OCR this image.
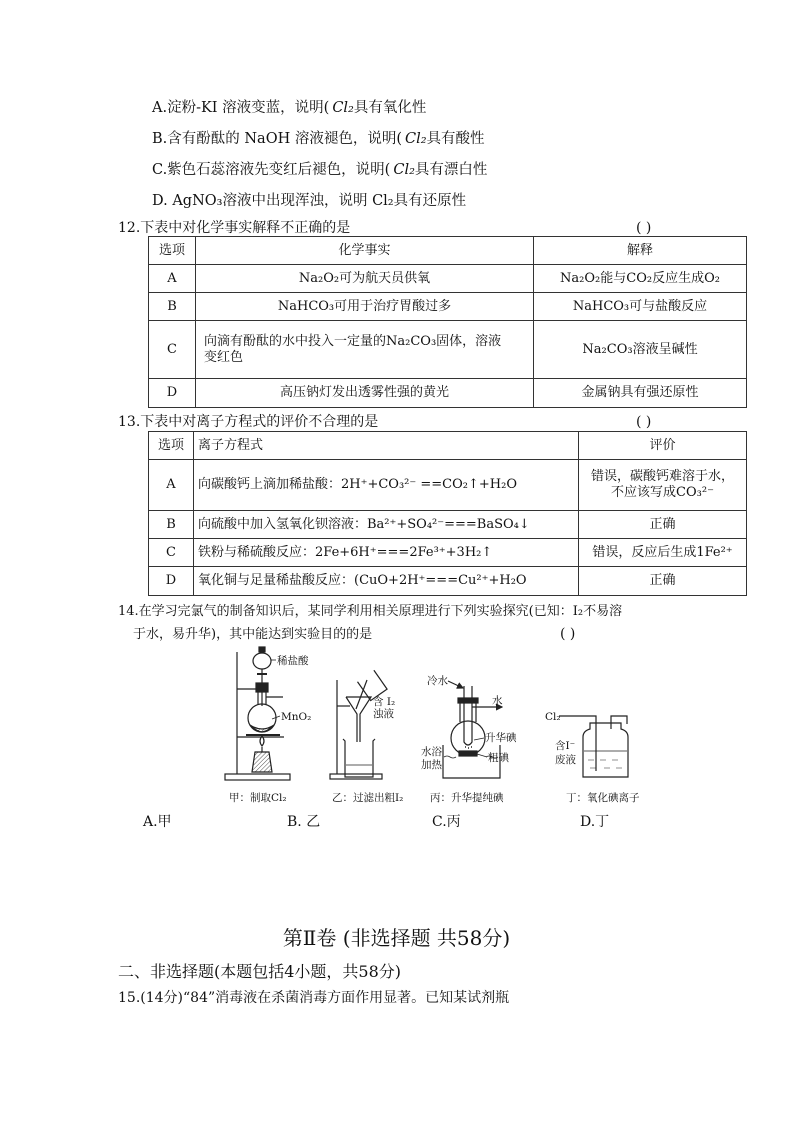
A.淀粉-KI 溶液变蓝，说明( Cl₂具有氧化性
B.含有酚酞的 NaOH 溶液褪色，说明( Cl₂具有酸性
C.紫色石蕊溶液先变红后褪色，说明( Cl₂具有漂白性
D. AgNO₃溶液中出现浑浊，说明 Cl₂具有还原性
12.下表中对化学事实解释不正确的是	( )
选项	化学事实	解释
A	Na₂O₂可为航天员供氧	Na₂O₂能与CO₂反应生成O₂
B	NaHCO₃可用于治疗胃酸过多	NaHCO₃可与盐酸反应
C	向滴有酚酞的水中投入一定量的Na₂CO₃固体，溶液
变红色	Na₂CO₃溶液呈碱性
D	高压钠灯发出透雾性强的黄光	金属钠具有强还原性
13.下表中对离子方程式的评价不合理的是	( )
选项	离子方程式	评价
A	向碳酸钙上滴加稀盐酸：2H⁺+CO₃²⁻ ==CO₂↑+H₂O	错误，碳酸钙难溶于水，
不应该写成CO₃²⁻

B	向硫酸中加入氢氧化钡溶液：Ba²⁺+SO₄²⁻===BaSO₄↓	正确
C	铁粉与稀硫酸反应：2Fe+6H⁺===2Fe³⁺+3H₂↑	错误，反应后生成1Fe²⁺
D	氧化铜与足量稀盐酸反应：(CuO+2H⁺===Cu²⁺+H₂O	正确
14.在学习完氯气的制备知识后，某同学利用相关原理进行下列实验探究(已知：I₂不易溶
于水，易升华)，其中能达到实验目的的是	( )
稀盐酸
MnO₂
甲：制取Cl₂
含 I₂
浊液
乙：过滤出粗I₂
冷水
水
升华碘
粗碘
水浴
加热
丙：升华提纯碘
Cl₂
含I⁻
废液
丁：氧化碘离子
A.甲	B. 乙	C.丙	D.丁
第Ⅱ卷 (非选择题 共58分)
二、非选择题(本题包括4小题，共58分)
15.(14分)“84”消毒液在杀菌消毒方面作用显著。已知某试剂瓶
